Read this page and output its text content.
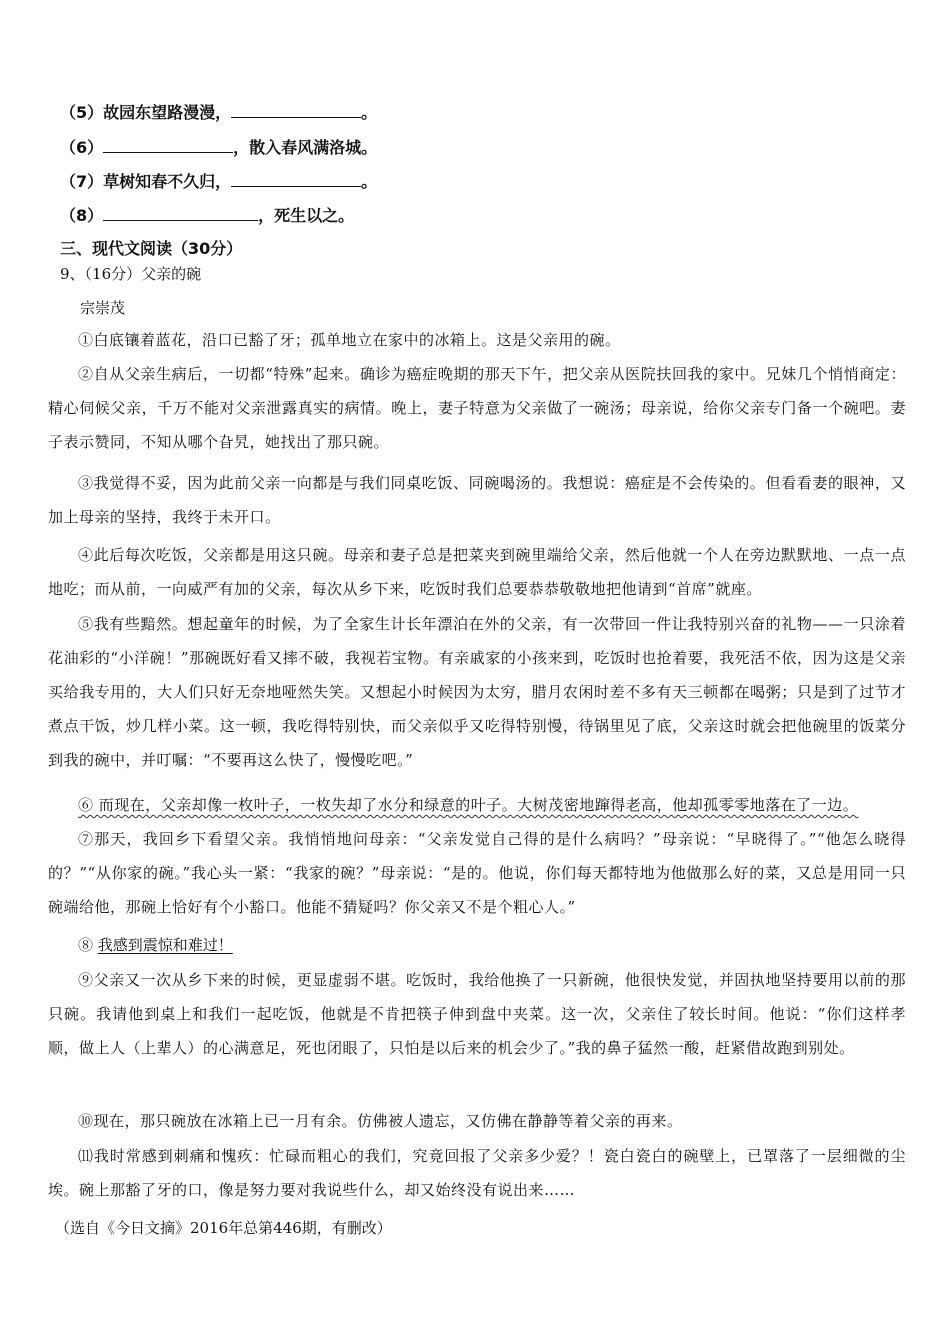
（5）故园东望路漫漫，	。
（6）	，散入春风满洛城。
（7）草树知春不久归，	。
（8）	，死生以之。
三、现代文阅读（30分）
9、（16分）父亲的碗
宗崇茂

①白底镶着蓝花，沿口已豁了牙；孤单地立在家中的冰箱上。这是父亲用的碗。

②自从父亲生病后，一切都“特殊”起来。确诊为癌症晚期的那天下午，把父亲从医院扶回我的家中。兄妹几个悄悄商定：精心伺候父亲，千万不能对父亲泄露真实的病情。晚上，妻子特意为父亲做了一碗汤；母亲说，给你父亲专门备一个碗吧。妻子表示赞同，不知从哪个旮旯，她找出了那只碗。

③我觉得不妥，因为此前父亲一向都是与我们同桌吃饭、同碗喝汤的。我想说：癌症是不会传染的。但看看妻的眼神，又加上母亲的坚持，我终于未开口。

④此后每次吃饭，父亲都是用这只碗。母亲和妻子总是把菜夹到碗里端给父亲，然后他就一个人在旁边默默地、一点一点地吃；而从前，一向威严有加的父亲，每次从乡下来，吃饭时我们总要恭恭敬敬地把他请到“首席”就座。

⑤我有些黯然。想起童年的时候，为了全家生计长年漂泊在外的父亲，有一次带回一件让我特别兴奋的礼物——一只涂着花油彩的“小洋碗！”那碗既好看又摔不破，我视若宝物。有亲戚家的小孩来到，吃饭时也抢着要，我死活不依，因为这是父亲买给我专用的，大人们只好无奈地哑然失笑。又想起小时候因为太穷，腊月农闲时差不多有天三顿都在喝粥；只是到了过节才煮点干饭，炒几样小菜。这一顿，我吃得特别快，而父亲似乎又吃得特别慢，待锅里见了底，父亲这时就会把他碗里的饭菜分到我的碗中，并叮嘱：“不要再这么快了，慢慢吃吧。”

⑥ 而现在，父亲却像一枚叶子，一枚失却了水分和绿意的叶子。大树茂密地蹿得老高，他却孤零零地落在了一边。

⑦那天，我回乡下看望父亲。我悄悄地问母亲：“父亲发觉自己得的是什么病吗？”母亲说：“早晓得了。”“他怎么晓得的？”“从你家的碗。”我心头一紧：“我家的碗？”母亲说：“是的。他说，你们每天都特地为他做那么好的菜，又总是用同一只碗端给他，那碗上恰好有个小豁口。他能不猜疑吗？你父亲又不是个粗心人。”

⑧ 我感到震惊和难过！

⑨父亲又一次从乡下来的时候，更显虚弱不堪。吃饭时，我给他换了一只新碗，他很快发觉，并固执地坚持要用以前的那只碗。我请他到桌上和我们一起吃饭，他就是不肯把筷子伸到盘中夹菜。这一次，父亲住了较长时间。他说：“你们这样孝顺，做上人（上辈人）的心满意足，死也闭眼了，只怕是以后来的机会少了。”我的鼻子猛然一酸，赶紧借故跑到别处。

⑩现在，那只碗放在冰箱上已一月有余。仿佛被人遗忘，又仿佛在静静等着父亲的再来。

⑾我时常感到刺痛和愧疚：忙碌而粗心的我们，究竟回报了父亲多少爱？！瓷白瓷白的碗壁上，已罩落了一层细微的尘埃。碗上那豁了牙的口，像是努力要对我说些什么，却又始终没有说出来……

（选自《今日文摘》2016年总第446期，有删改）
